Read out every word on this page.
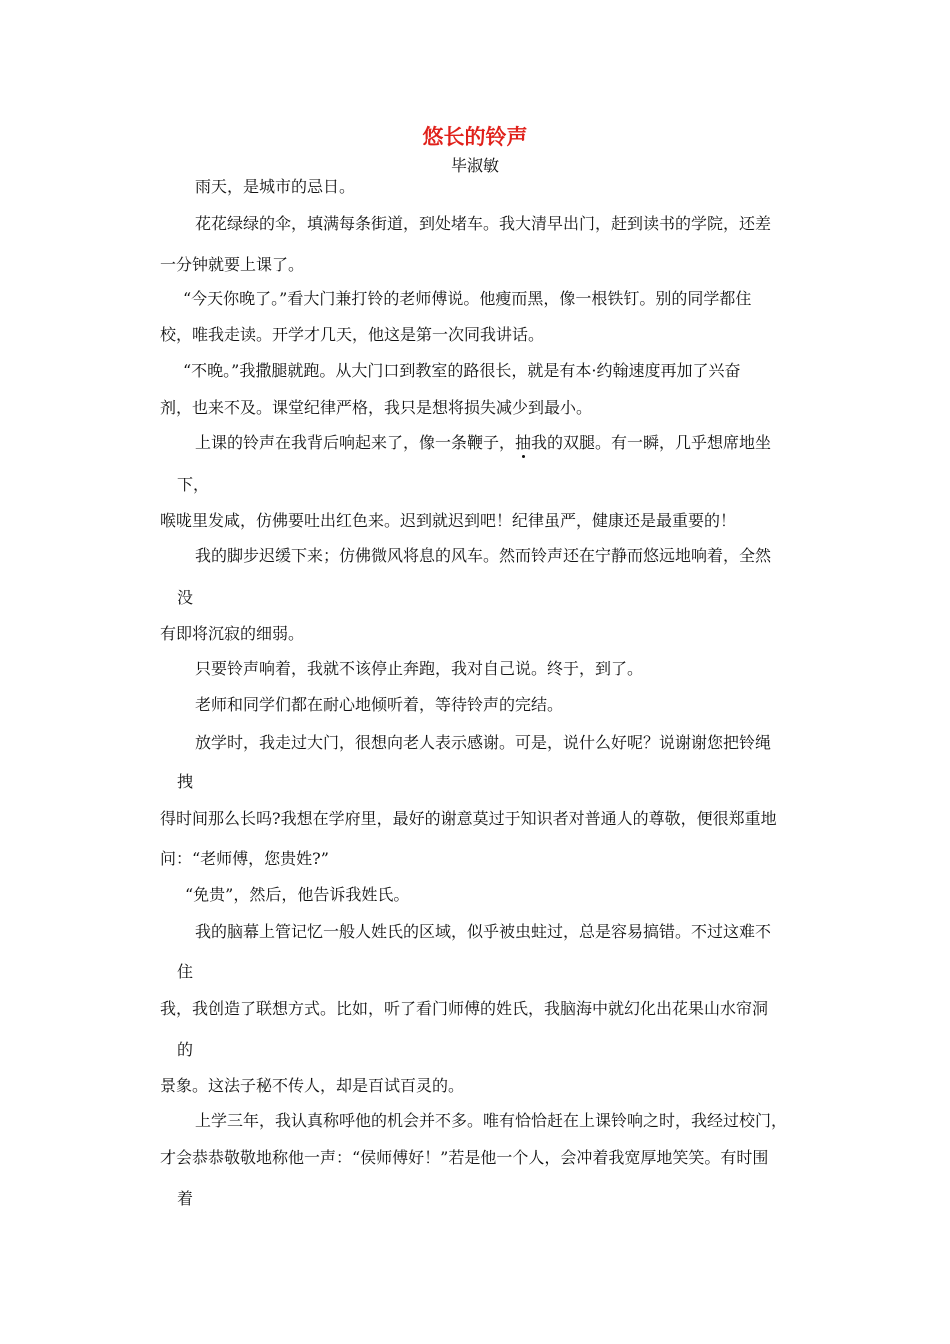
悠长的铃声
毕淑敏
雨天，是城市的忌日。
花花绿绿的伞，填满每条街道，到处堵车。我大清早出门，赶到读书的学院，还差
一分钟就要上课了。
“今天你晚了。”看大门兼打铃的老师傅说。他瘦而黑，像一根铁钉。别的同学都住
校，唯我走读。开学才几天，他这是第一次同我讲话。
“不晚。”我撒腿就跑。从大门口到教室的路很长，就是有本·约翰速度再加了兴奋
剂，也来不及。课堂纪律严格，我只是想将损失减少到最小。
上课的铃声在我背后响起来了，像一条鞭子，抽我的双腿。有一瞬，几乎想席地坐
下，
喉咙里发咸，仿佛要吐出红色来。迟到就迟到吧！纪律虽严，健康还是最重要的！
我的脚步迟缓下来；仿佛微风将息的风车。然而铃声还在宁静而悠远地响着，全然
没
有即将沉寂的细弱。
只要铃声响着，我就不该停止奔跑，我对自己说。终于，到了。
老师和同学们都在耐心地倾听着，等待铃声的完结。
放学时，我走过大门，很想向老人表示感谢。可是，说什么好呢？说谢谢您把铃绳
拽
得时间那么长吗?我想在学府里，最好的谢意莫过于知识者对普通人的尊敬，便很郑重地
问：“老师傅，您贵姓?”
“免贵”，然后，他告诉我姓氏。
我的脑幕上管记忆一般人姓氏的区域，似乎被虫蛀过，总是容易搞错。不过这难不
住
我，我创造了联想方式。比如，听了看门师傅的姓氏，我脑海中就幻化出花果山水帘洞
的
景象。这法子秘不传人，却是百试百灵的。
上学三年，我认真称呼他的机会并不多。唯有恰恰赶在上课铃响之时，我经过校门，
才会恭恭敬敬地称他一声：“侯师傅好！”若是他一个人，会冲着我宽厚地笑笑。有时围
着
